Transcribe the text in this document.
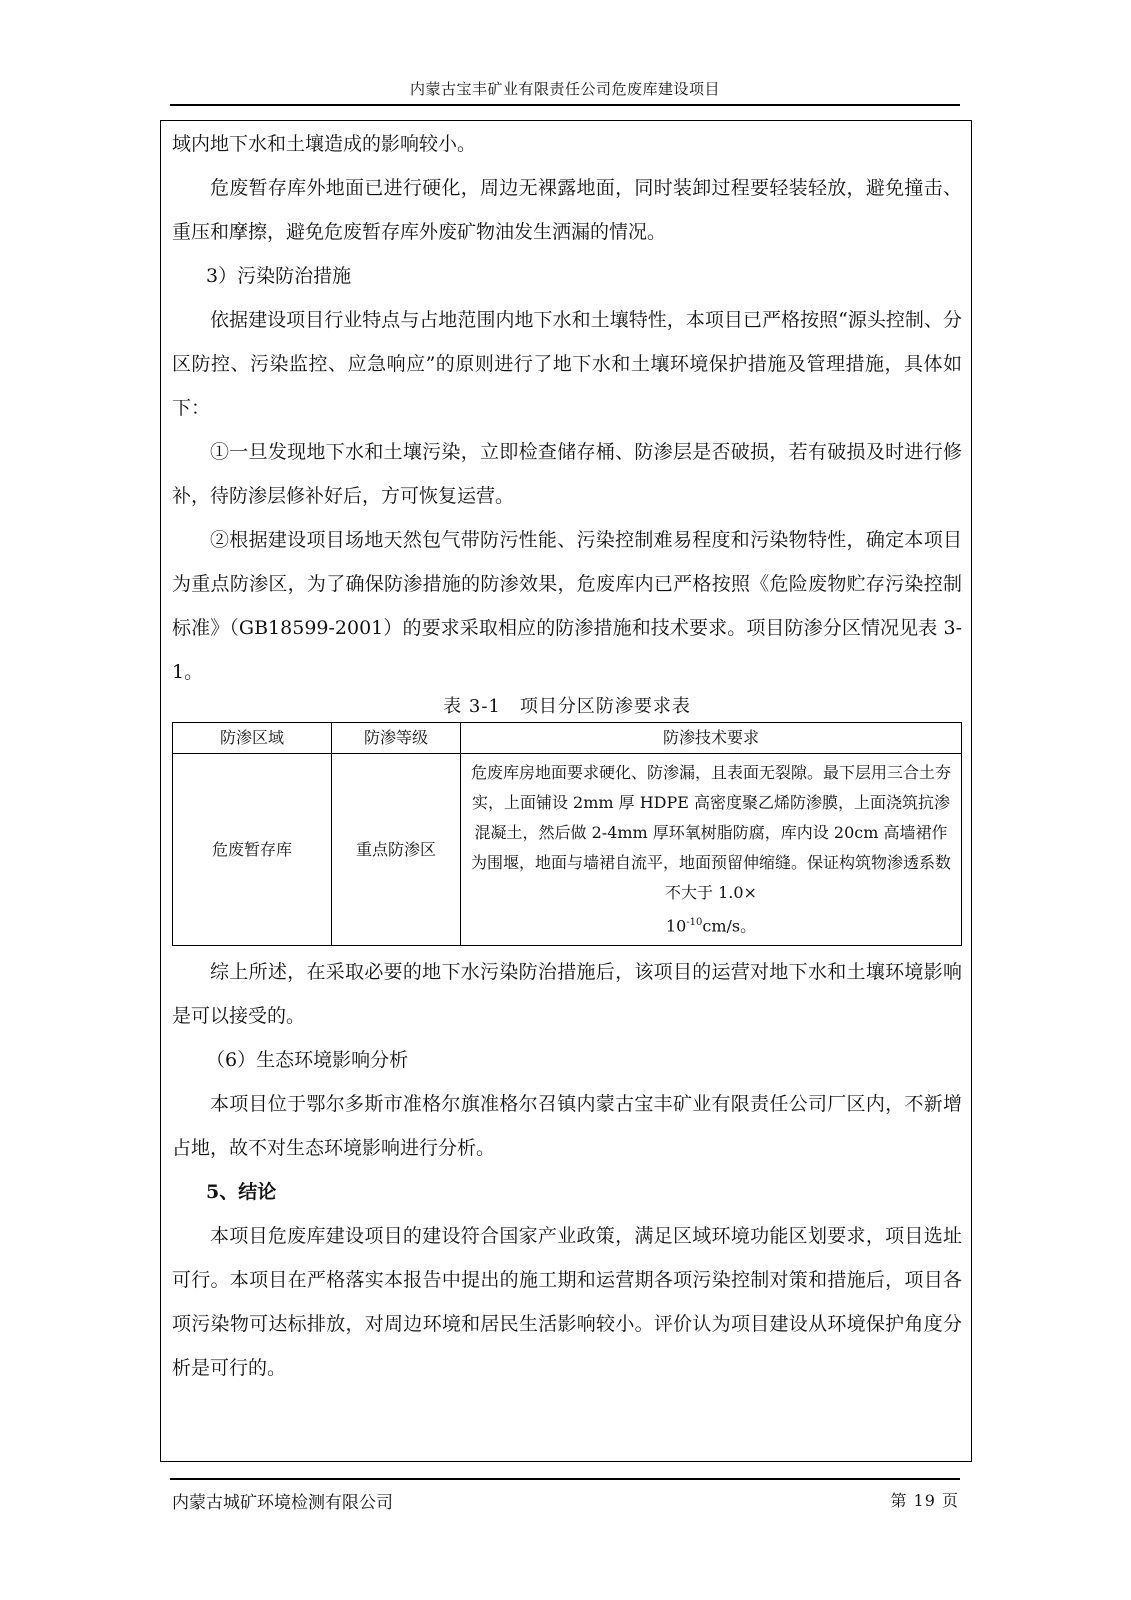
内蒙古宝丰矿业有限责任公司危废库建设项目

域内地下水和土壤造成的影响较小。

危废暂存库外地面已进行硬化，周边无裸露地面，同时装卸过程要轻装轻放，避免撞击、重压和摩擦，避免危废暂存库外废矿物油发生洒漏的情况。

3）污染防治措施

依据建设项目行业特点与占地范围内地下水和土壤特性，本项目已严格按照“源头控制、分区防控、污染监控、应急响应”的原则进行了地下水和土壤环境保护措施及管理措施，具体如下：

①一旦发现地下水和土壤污染，立即检查储存桶、防渗层是否破损，若有破损及时进行修补，待防渗层修补好后，方可恢复运营。

②根据建设项目场地天然包气带防污性能、污染控制难易程度和污染物特性，确定本项目为重点防渗区，为了确保防渗措施的防渗效果，危废库内已严格按照《危险废物贮存污染控制标准》（GB18599-2001）的要求采取相应的防渗措施和技术要求。项目防渗分区情况见表 3-1。

表 3-1　项目分区防渗要求表
防渗区域	防渗等级	防渗技术要求
危废暂存库	重点防渗区	危废库房地面要求硬化、防渗漏，且表面无裂隙。最下层用三合土夯实，上面铺设 2mm 厚 HDPE 高密度聚乙烯防渗膜，上面浇筑抗渗混凝土，然后做 2-4mm 厚环氧树脂防腐，库内设 20cm 高墙裙作为围堰，地面与墙裙自流平，地面预留伸缩缝。保证构筑物渗透系数不大于 1.0×
$10^{-10}cm/s$。

综上所述，在采取必要的地下水污染防治措施后，该项目的运营对地下水和土壤环境影响是可以接受的。

（6）生态环境影响分析

本项目位于鄂尔多斯市准格尔旗准格尔召镇内蒙古宝丰矿业有限责任公司厂区内，不新增占地，故不对生态环境影响进行分析。

5、结论

本项目危废库建设项目的建设符合国家产业政策，满足区域环境功能区划要求，项目选址可行。本项目在严格落实本报告中提出的施工期和运营期各项污染控制对策和措施后，项目各项污染物可达标排放，对周边环境和居民生活影响较小。评价认为项目建设从环境保护角度分析是可行的。

内蒙古城矿环境检测有限公司	第 19 页
